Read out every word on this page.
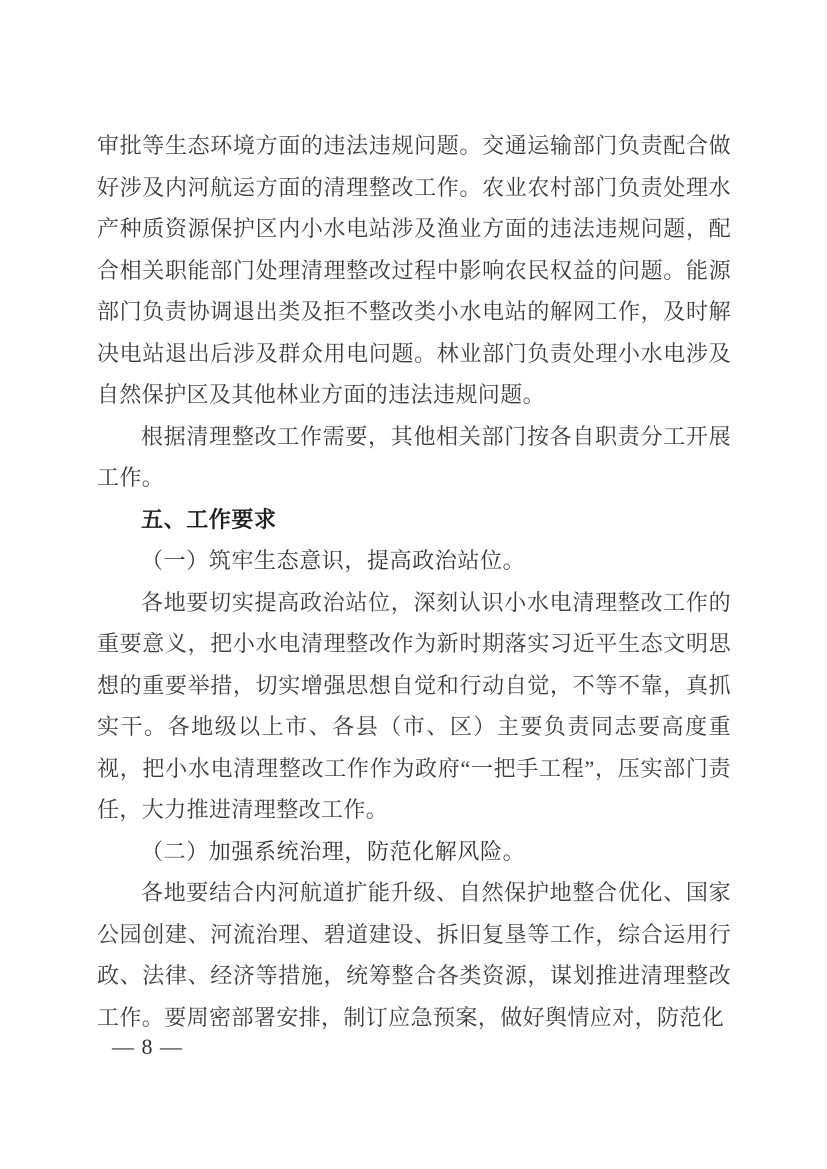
审批等生态环境方面的违法违规问题。交通运输部门负责配合做好涉及内河航运方面的清理整改工作。农业农村部门负责处理水产种质资源保护区内小水电站涉及渔业方面的违法违规问题，配合相关职能部门处理清理整改过程中影响农民权益的问题。能源部门负责协调退出类及拒不整改类小水电站的解网工作，及时解决电站退出后涉及群众用电问题。林业部门负责处理小水电涉及自然保护区及其他林业方面的违法违规问题。

根据清理整改工作需要，其他相关部门按各自职责分工开展工作。

五、工作要求
（一）筑牢生态意识，提高政治站位。

各地要切实提高政治站位，深刻认识小水电清理整改工作的重要意义，把小水电清理整改作为新时期落实习近平生态文明思想的重要举措，切实增强思想自觉和行动自觉，不等不靠，真抓实干。各地级以上市、各县（市、区）主要负责同志要高度重视，把小水电清理整改工作作为政府“一把手工程”，压实部门责任，大力推进清理整改工作。

（二）加强系统治理，防范化解风险。

各地要结合内河航道扩能升级、自然保护地整合优化、国家公园创建、河流治理、碧道建设、拆旧复垦等工作，综合运用行政、法律、经济等措施，统筹整合各类资源，谋划推进清理整改工作。要周密部署安排，制订应急预案，做好舆情应对，防范化

— 8 —
